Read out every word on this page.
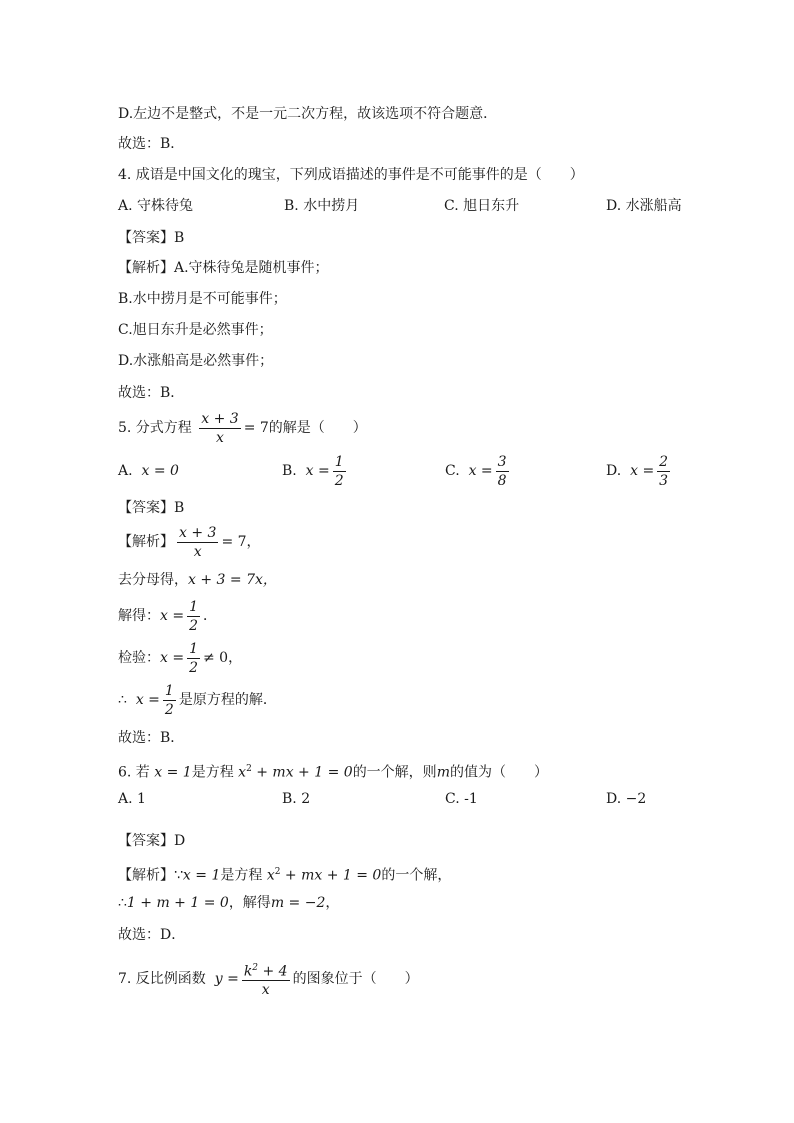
D.左边不是整式，不是一元二次方程，故该选项不符合题意．
故选：B．
4. 成语是中国文化的瑰宝，下列成语描述的事件是不可能事件的是（　　）
A. 守株待兔	B. 水中捞月	C. 旭日东升	D. 水涨船高
【答案】B
【解析】A.守株待兔是随机事件；
B.水中捞月是不可能事件；
C.旭日东升是必然事件；
D.水涨船高是必然事件；
故选：B．
5. 分式方程 $\frac{x + 3}{x} = 7$的解是（　　）
A. x = 0	B. $x = \frac{1}{2}$	C. $x = \frac{3}{8}$	D. $x = \frac{2}{3}$
【答案】B
【解析】 $\frac{x + 3}{x} = 7$，
去分母得，x + 3 = 7x，
解得：$x = \frac{1}{2}$ ．
检验：$x = \frac{1}{2} \ne 0$，
∴ $x = \frac{1}{2}$ 是原方程的解．
故选：B．
6. 若 x = 1是方程 $x^2$ + mx + 1 = 0的一个解，则m的值为（　　）
A. 1	B. 2	C. -1	D. −2
【答案】D
【解析】∵x = 1是方程 $x^2$ + mx + 1 = 0的一个解，
∴1 + m + 1 = 0，解得m = −2，
故选：D．
7. 反比例函数 $y = \frac{k^2 + 4}{x}$ 的图象位于（　　）
